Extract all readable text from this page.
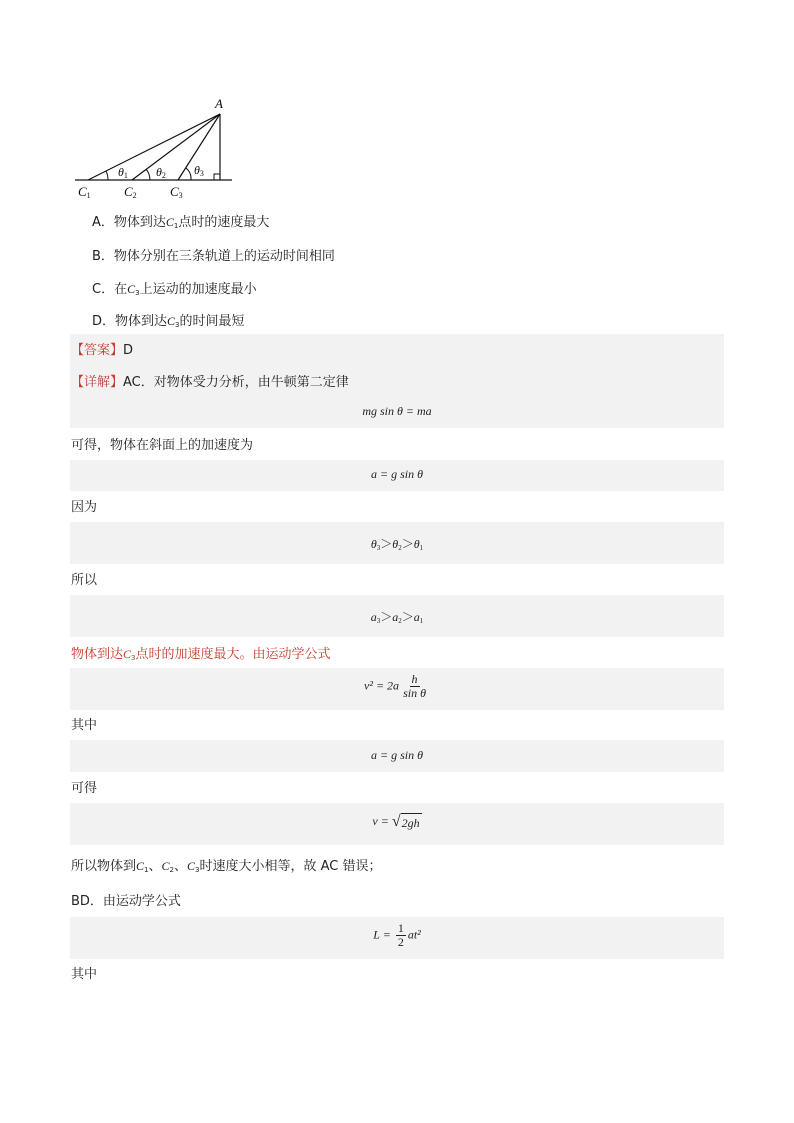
A
θ1 θ2 θ3
C1	C2	C3
A．物体到达$C_1$点时的速度最大
B．物体分别在三条轨道上的运动时间相同
C．在$C_3$上运动的加速度最小
D．物体到达$C_3$的时间最短
【答案】D
【详解】AC．对物体受力分析，由牛顿第二定律
mg sin θ = ma
可得，物体在斜面上的加速度为
a = g sin θ
因为
$\theta_3>\theta_2>\theta_1$
所以
$a_3>a_2>a_1$
物体到达$C_3$点时的加速度最大。由运动学公式
$v^2 = 2a \frac{h}{\text{sin θ}}$
其中
a = g sin θ
可得
v = √ 2gh
所以物体到$C_1$、$C_2$、$C_3$时速度大小相等，故 AC 错误；
BD．由运动学公式
$L = \frac{1}{2} at^2$
其中
